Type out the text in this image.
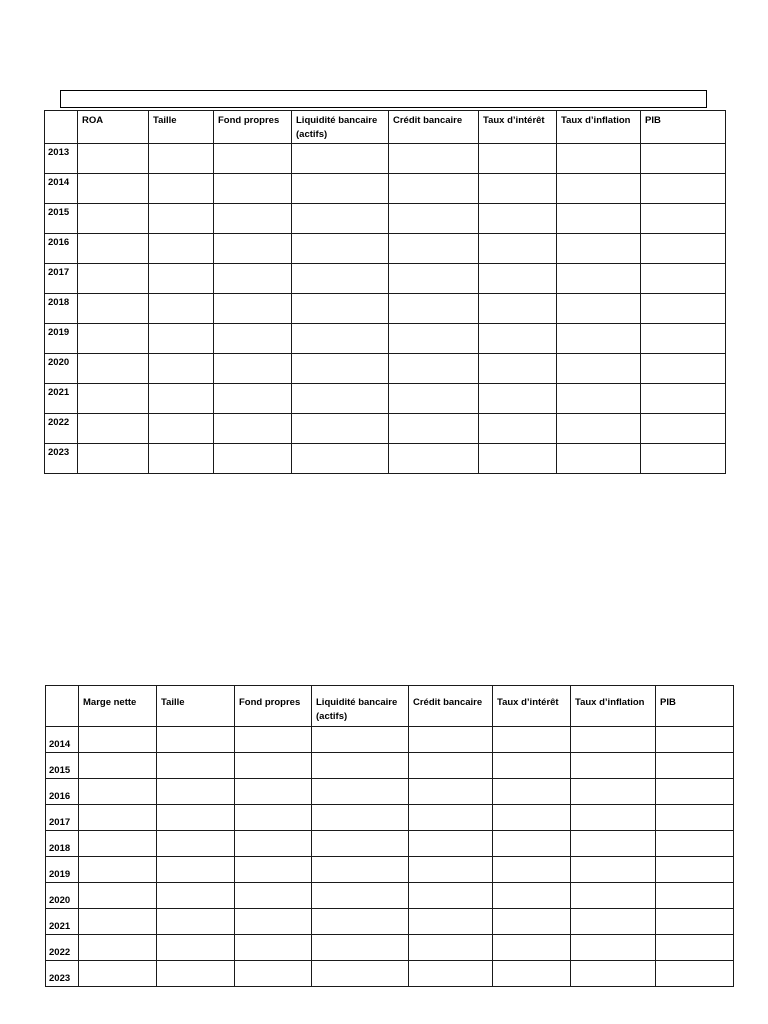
	ROA	Taille	Fond propres	Liquidité bancaire (actifs)	Crédit bancaire	Taux d’intérêt	Taux d’inflation	PIB
2013								
2014								
2015								
2016								
2017								
2018								
2019								
2020								
2021								
2022								
2023								
	Marge nette	Taille	Fond propres	Liquidité bancaire (actifs)	Crédit bancaire	Taux d’intérêt	Taux d’inflation	PIB
2014								
2015								
2016								
2017								
2018								
2019								
2020								
2021								
2022								
2023								
